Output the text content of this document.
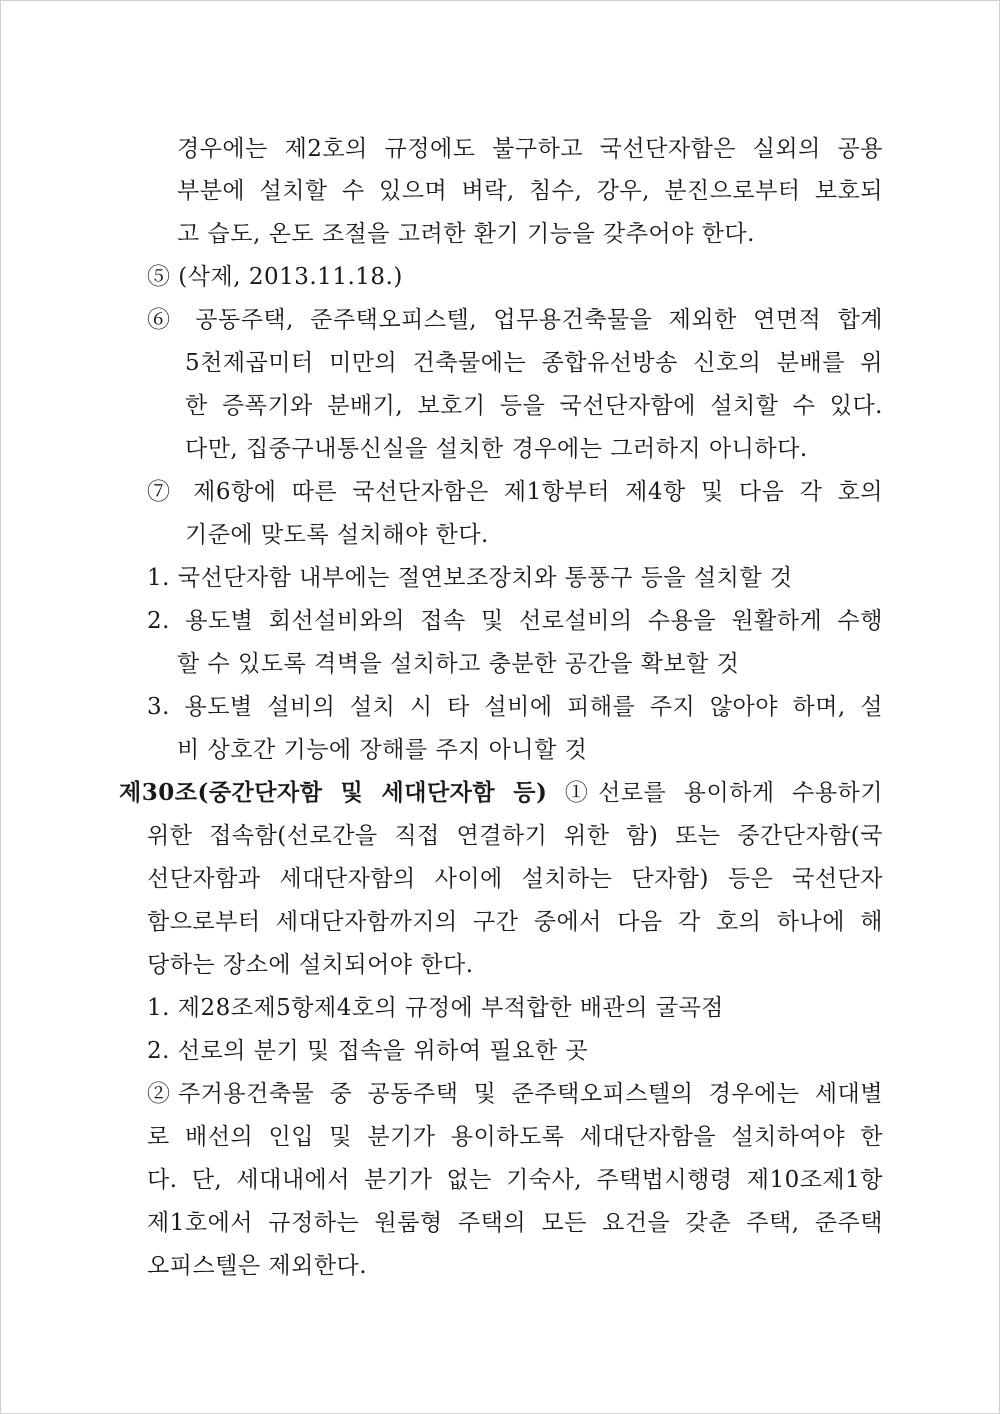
경우에는 제2호의 규정에도 불구하고 국선단자함은 실외의 공용
부분에 설치할 수 있으며 벼락, 침수, 강우, 분진으로부터 보호되
고 습도, 온도 조절을 고려한 환기 기능을 갖추어야 한다.
⑤ (삭제, 2013.11.18.)
⑥ 공동주택, 준주택오피스텔, 업무용건축물을 제외한 연면적 합계
5천제곱미터 미만의 건축물에는 종합유선방송 신호의 분배를 위
한 증폭기와 분배기, 보호기 등을 국선단자함에 설치할 수 있다.
다만, 집중구내통신실을 설치한 경우에는 그러하지 아니하다.
⑦ 제6항에 따른 국선단자함은 제1항부터 제4항 및 다음 각 호의
기준에 맞도록 설치해야 한다.
1. 국선단자함 내부에는 절연보조장치와 통풍구 등을 설치할 것
2. 용도별 회선설비와의 접속 및 선로설비의 수용을 원활하게 수행
할 수 있도록 격벽을 설치하고 충분한 공간을 확보할 것
3. 용도별 설비의 설치 시 타 설비에 피해를 주지 않아야 하며, 설
비 상호간 기능에 장해를 주지 아니할 것
제30조(중간단자함 및 세대단자함 등) ①선로를 용이하게 수용하기
위한 접속함(선로간을 직접 연결하기 위한 함) 또는 중간단자함(국
선단자함과 세대단자함의 사이에 설치하는 단자함) 등은 국선단자
함으로부터 세대단자함까지의 구간 중에서 다음 각 호의 하나에 해
당하는 장소에 설치되어야 한다.
1. 제28조제5항제4호의 규정에 부적합한 배관의 굴곡점
2. 선로의 분기 및 접속을 위하여 필요한 곳
②주거용건축물 중 공동주택 및 준주택오피스텔의 경우에는 세대별
로 배선의 인입 및 분기가 용이하도록 세대단자함을 설치하여야 한
다. 단, 세대내에서 분기가 없는 기숙사, 주택법시행령 제10조제1항
제1호에서 규정하는 원룸형 주택의 모든 요건을 갖춘 주택, 준주택
오피스텔은 제외한다.
